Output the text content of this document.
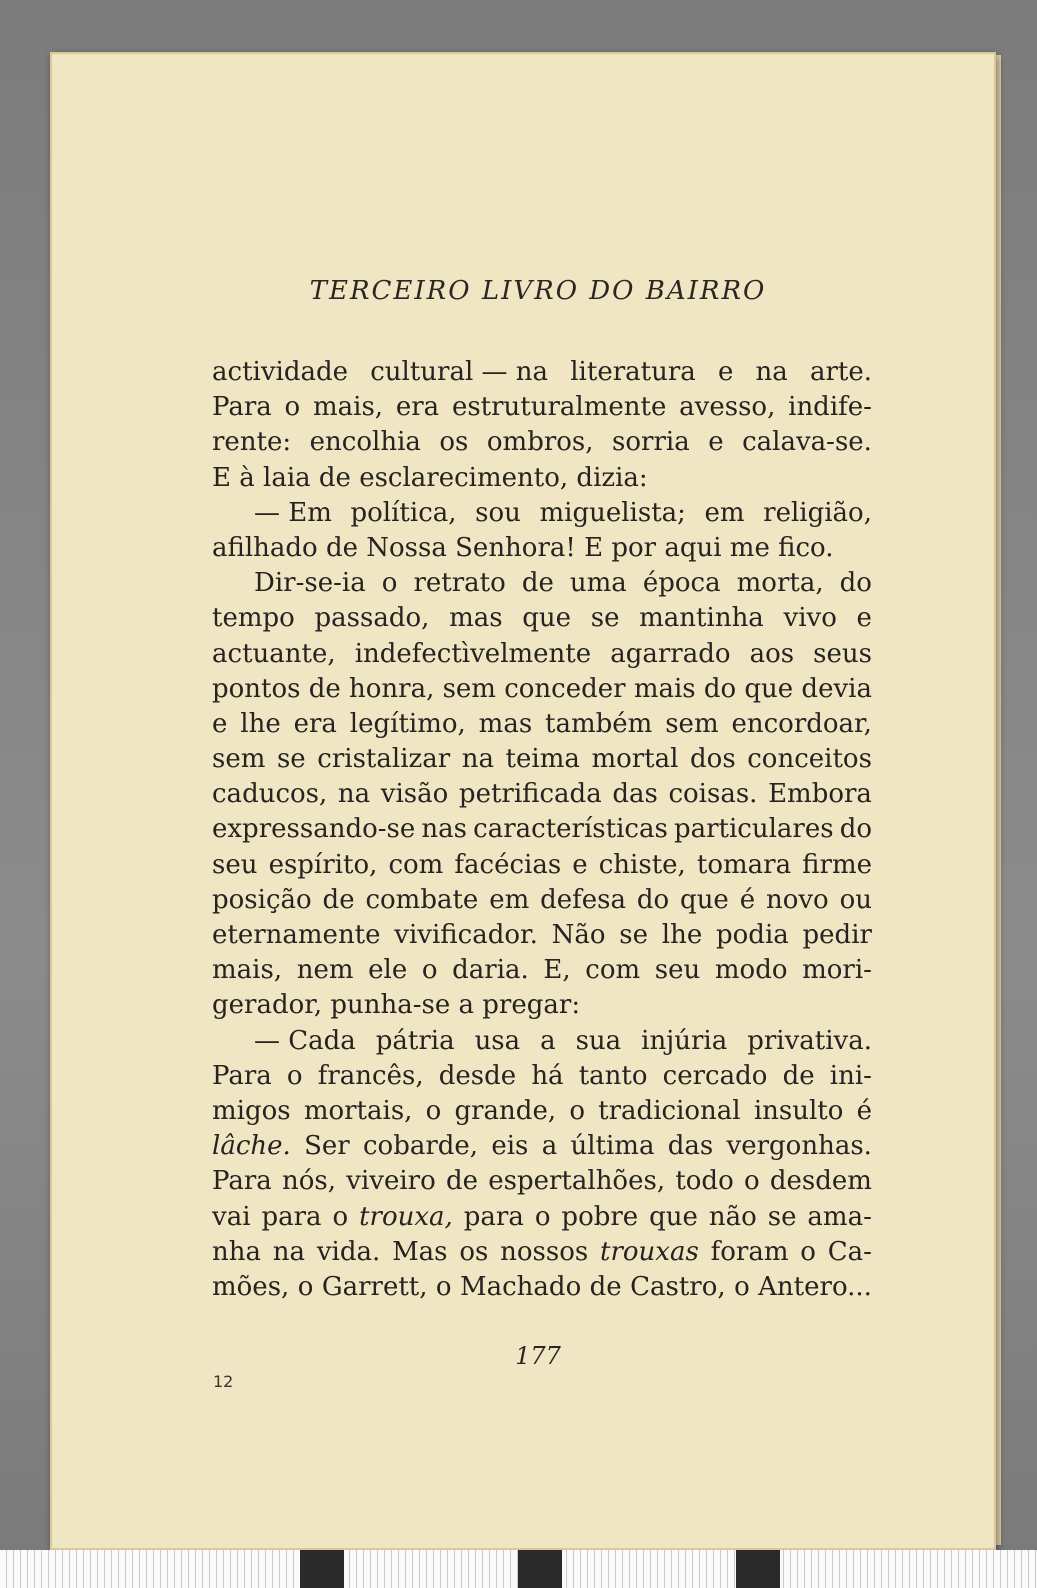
TERCEIRO LIVRO DO BAIRRO
actividade cultural — na literatura e na arte.
Para o mais, era estruturalmente avesso, indife-
rente: encolhia os ombros, sorria e calava-se.
E à laia de esclarecimento, dizia:
— Em política, sou miguelista; em religião,
afilhado de Nossa Senhora! E por aqui me fico.
Dir-se-ia o retrato de uma época morta, do
tempo passado, mas que se mantinha vivo e
actuante, indefectìvelmente agarrado aos seus
pontos de honra, sem conceder mais do que devia
e lhe era legítimo, mas também sem encordoar,
sem se cristalizar na teima mortal dos conceitos
caducos, na visão petrificada das coisas. Embora
expressando-se nas características particulares do
seu espírito, com facécias e chiste, tomara firme
posição de combate em defesa do que é novo ou
eternamente vivificador. Não se lhe podia pedir
mais, nem ele o daria. E, com seu modo mori-
gerador, punha-se a pregar:
— Cada pátria usa a sua injúria privativa.
Para o francês, desde há tanto cercado de ini-
migos mortais, o grande, o tradicional insulto é
lâche. Ser cobarde, eis a última das vergonhas.
Para nós, viveiro de espertalhões, todo o desdem
vai para o trouxa, para o pobre que não se ama-
nha na vida. Mas os nossos trouxas foram o Ca-
mões, o Garrett, o Machado de Castro, o Antero...
177
12
